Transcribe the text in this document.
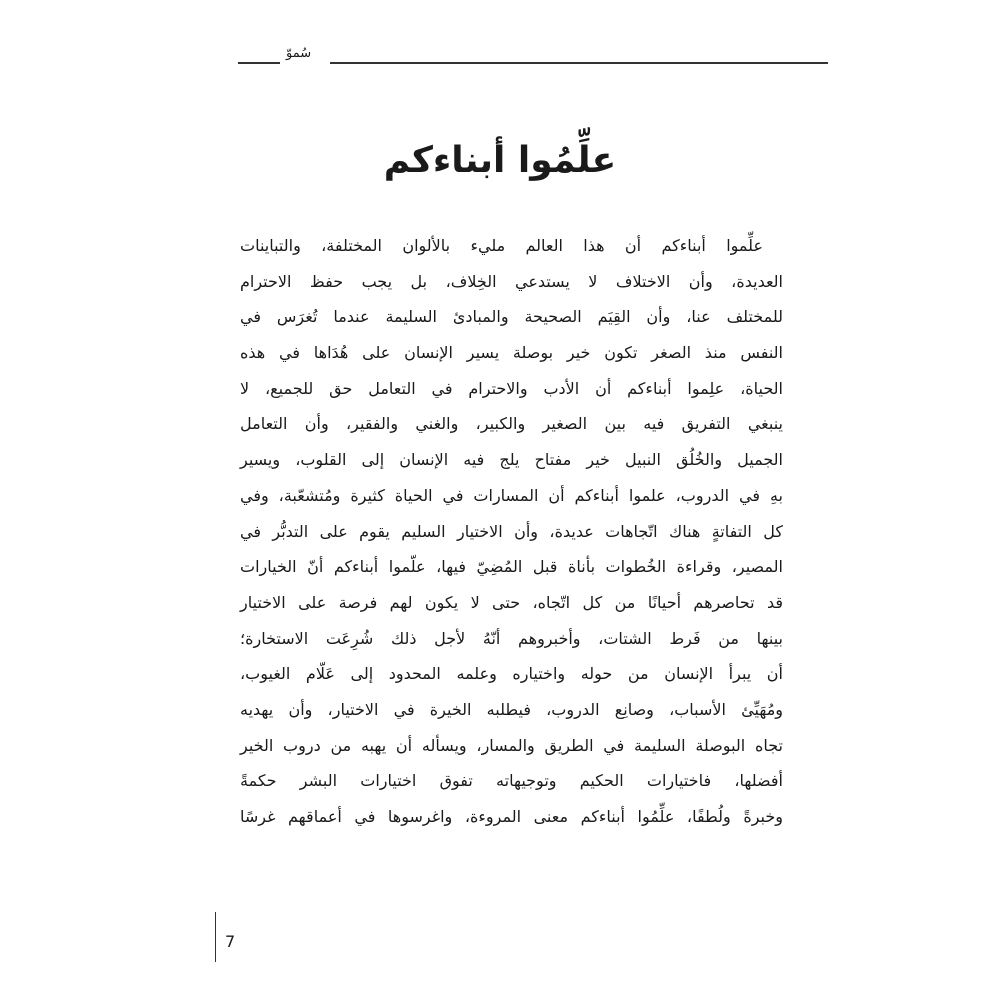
سُموّ
علِّمُوا أبناءكم
علِّموا أبناءكم أن هذا العالم مليء بالألوان المختلفة، والتباينات
العديدة، وأن الاختلاف لا يستدعي الخِلاف، بل يجب حفظ الاحترام
للمختلف عنا، وأن القِيَم الصحيحة والمبادئ السليمة عندما تُغرَس في
النفس منذ الصغر تكون خير بوصلة يسير الإنسان على هُدَاها في هذه
الحياة، علِموا أبناءكم أن الأدب والاحترام في التعامل حق للجميع، لا
ينبغي التفريق فيه بين الصغير والكبير، والغني والفقير، وأن التعامل
الجميل والخُلُق النبيل خير مفتاح يلج فيه الإنسان إلى القلوب، ويسير
بهِ في الدروب، علموا أبناءكم أن المسارات في الحياة كثيرة ومُتشعّبة، وفي
كل التفاتةٍ هناك اتّجاهات عديدة، وأن الاختيار السليم يقوم على التدبُّر في
المصير، وقراءة الخُطوات بأناة قبل المُضِيّ فيها، علّموا أبناءكم أنّ الخيارات
قد تحاصرهم أحيانًا من كل اتّجاه، حتى لا يكون لهم فرصة على الاختيار
بينها من فَرط الشتات، وأخبروهم أنّهُ لأجل ذلك شُرِعَت الاستخارة؛
أن يبرأ الإنسان من حوله واختياره وعلمه المحدود إلى عَلّام الغيوب،
ومُهَيِّئ الأسباب، وصانِع الدروب، فيطلبه الخيرة في الاختيار، وأن يهديه
تجاه البوصلة السليمة في الطريق والمسار، ويسأله أن يهبه من دروب الخير
أفضلها، فاختيارات الحكيم وتوجيهاته تفوق اختيارات البشر حكمةً
وخبرةً ولُطفًا، علِّمُوا أبناءكم معنى المروءة، واغرسوها في أعماقهم غرسًا
7
